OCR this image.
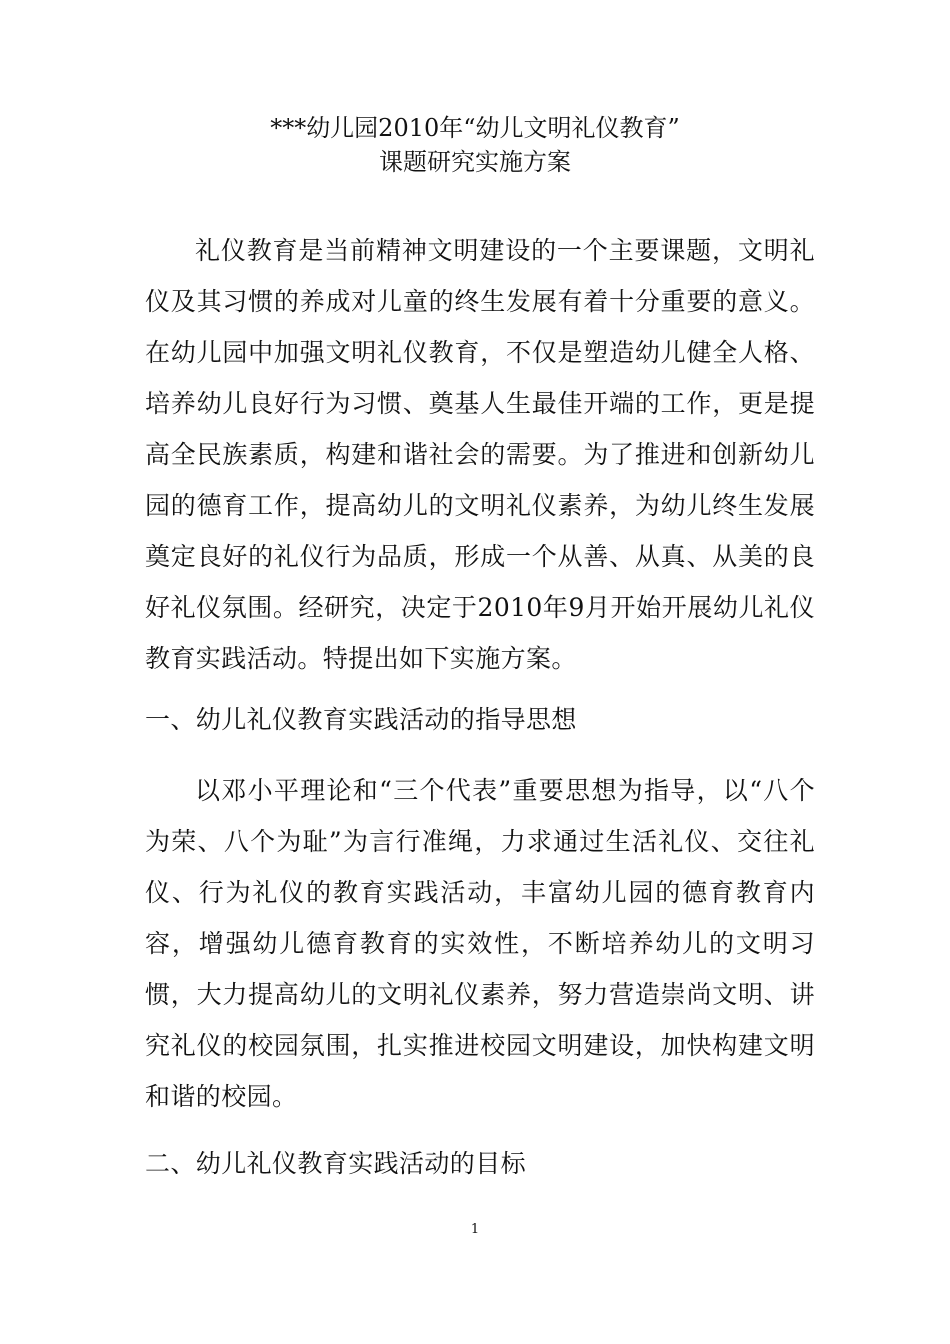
***幼儿园2010年“幼儿文明礼仪教育”
课题研究实施方案
礼仪教育是当前精神文明建设的一个主要课题，文明礼仪及其习惯的养成对儿童的终生发展有着十分重要的意义。在幼儿园中加强文明礼仪教育，不仅是塑造幼儿健全人格、培养幼儿良好行为习惯、奠基人生最佳开端的工作，更是提高全民族素质，构建和谐社会的需要。为了推进和创新幼儿园的德育工作，提高幼儿的文明礼仪素养，为幼儿终生发展奠定良好的礼仪行为品质，形成一个从善、从真、从美的良好礼仪氛围。经研究，决定于2010年9月开始开展幼儿礼仪教育实践活动。特提出如下实施方案。
一、幼儿礼仪教育实践活动的指导思想
以邓小平理论和“三个代表”重要思想为指导，以“八个为荣、八个为耻”为言行准绳，力求通过生活礼仪、交往礼仪、行为礼仪的教育实践活动，丰富幼儿园的德育教育内容，增强幼儿德育教育的实效性，不断培养幼儿的文明习惯，大力提高幼儿的文明礼仪素养，努力营造崇尚文明、讲究礼仪的校园氛围，扎实推进校园文明建设，加快构建文明和谐的校园。
二、幼儿礼仪教育实践活动的目标
1
